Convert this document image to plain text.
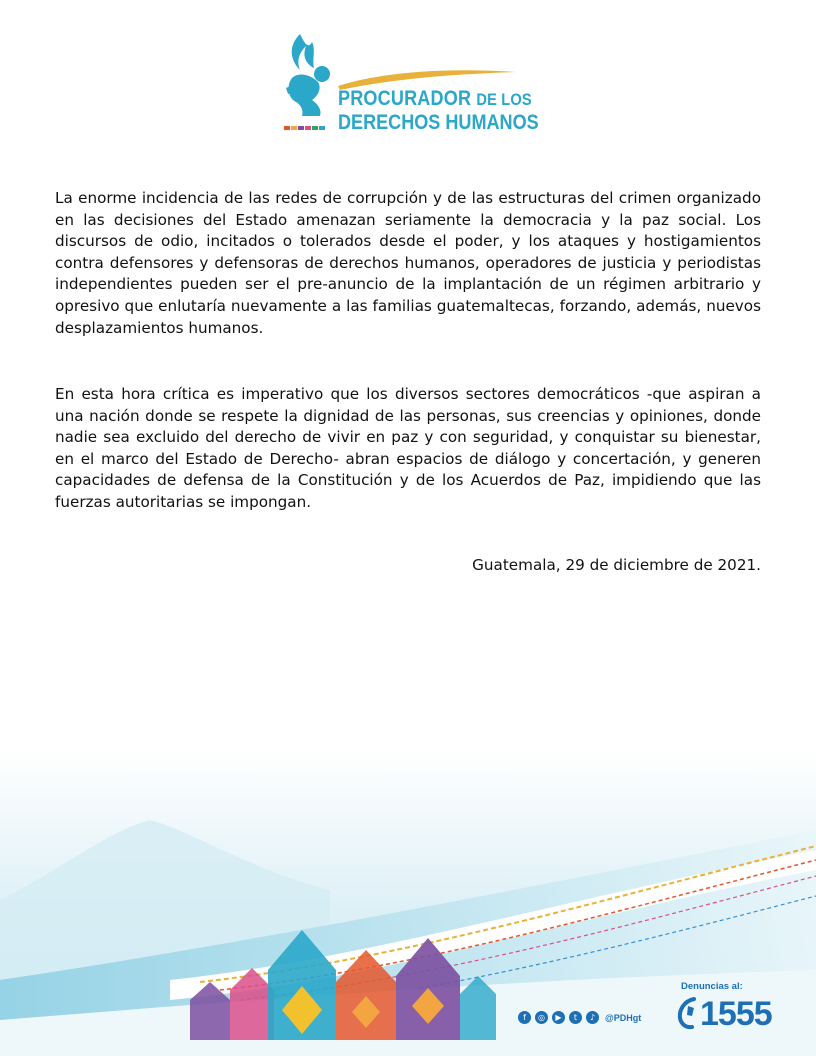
PROCURADOR DE LOS
DERECHOS HUMANOS

La enorme incidencia de las redes de corrupción y de las estructuras del crimen organizado en las decisiones del Estado amenazan seriamente la democracia y la paz social. Los discursos de odio, incitados o tolerados desde el poder, y los ataques y hostigamientos contra defensores y defensoras de derechos humanos, operadores de justicia y periodistas independientes pueden ser el pre-anuncio de la implantación de un régimen arbitrario y opresivo que enlutaría nuevamente a las familias guatemaltecas, forzando, además, nuevos desplazamientos humanos.

En esta hora crítica es imperativo que los diversos sectores democráticos -que aspiran a una nación donde se respete la dignidad de las personas, sus creencias y opiniones, donde nadie sea excluido del derecho de vivir en paz y con seguridad, y conquistar su bienestar, en el marco del Estado de Derecho- abran espacios de diálogo y concertación, y generen capacidades de defensa de la Constitución y de los Acuerdos de Paz, impidiendo que las fuerzas autoritarias se impongan.

Guatemala, 29 de diciembre de 2021.

f	◎	▶	t	♪	@PDHgt
Denuncias al:
1555
